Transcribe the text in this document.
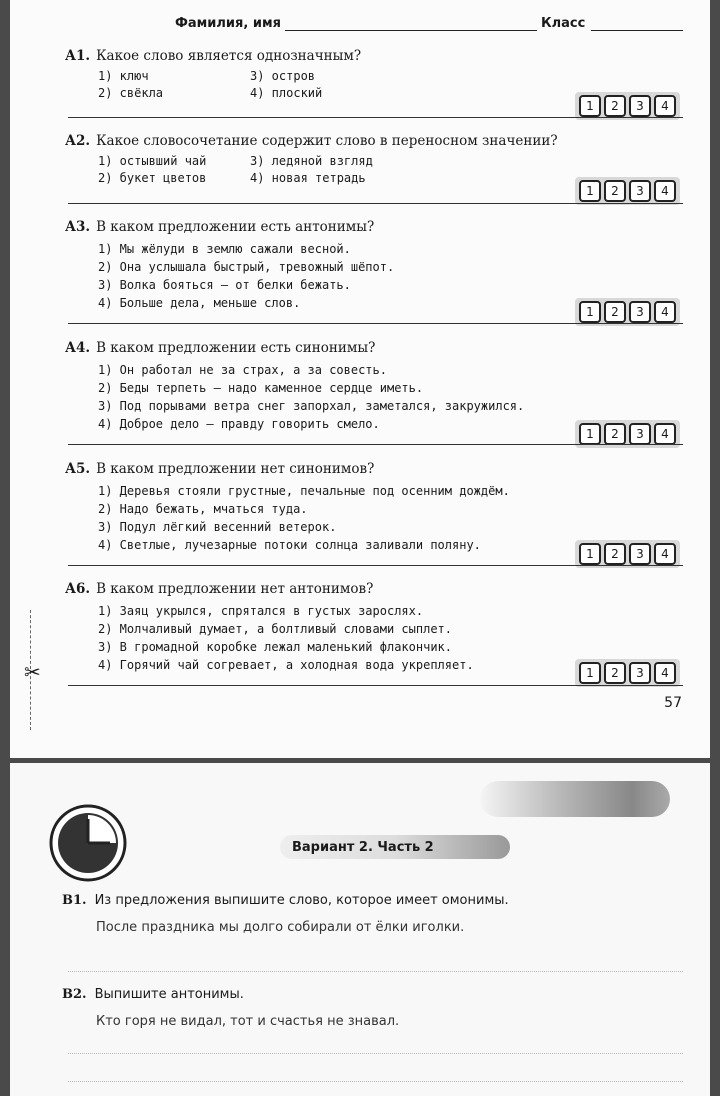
Фамилия, имя	Класс
А1. Какое слово является однозначным?
1) ключ	3) остров
2) свёкла	4) плоский
1	2	3	4
А2. Какое словосочетание содержит слово в переносном значении?
1) остывший чай	3) ледяной взгляд
2) букет цветов	4) новая тетрадь
1	2	3	4
А3. В каком предложении есть антонимы?
1) Мы жёлуди в землю сажали весной.
2) Она услышала быстрый, тревожный шёпот.
3) Волка бояться — от белки бежать.
4) Больше дела, меньше слов.
1	2	3	4
А4. В каком предложении есть синонимы?
1) Он работал не за страх, а за совесть.
2) Беды терпеть — надо каменное сердце иметь.
3) Под порывами ветра снег запорхал, заметался, закружился.
4) Доброе дело — правду говорить смело.
1	2	3	4
А5. В каком предложении нет синонимов?
1) Деревья стояли грустные, печальные под осенним дождём.
2) Надо бежать, мчаться туда.
3) Подул лёгкий весенний ветерок.
4) Светлые, лучезарные потоки солнца заливали поляну.
1	2	3	4
А6. В каком предложении нет антонимов?
1) Заяц укрылся, спрятался в густых зарослях.
2) Молчаливый думает, а болтливый словами сыплет.
3) В громадной коробке лежал маленький флакончик.
4) Горячий чай согревает, а холодная вода укрепляет.
1	2	3	4
✂
57
Вариант 2. Часть 2
В1. Из предложения выпишите слово, которое имеет омонимы.
После праздника мы долго собирали от ёлки иголки.
В2. Выпишите антонимы.
Кто горя не видал, тот и счастья не знавал.
